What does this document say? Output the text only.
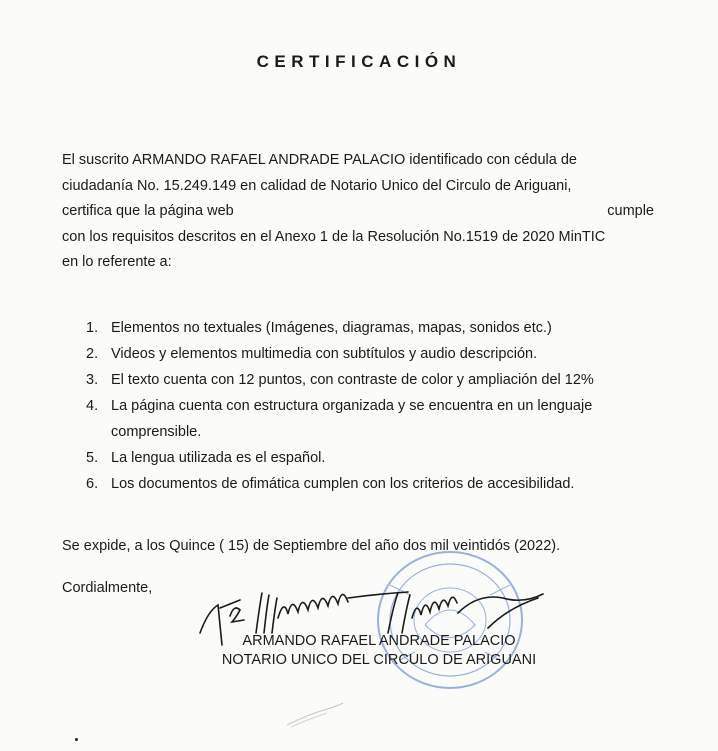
CERTIFICACIÓN
El suscrito ARMANDO RAFAEL ANDRADE PALACIO identificado con cédula de
ciudadanía No. 15.249.149 en calidad de Notario Unico del Circulo de Ariguani,
certifica que la página web	cumple
con los requisitos descritos en el Anexo 1 de la Resolución No.1519 de 2020 MinTIC
en lo referente a:
1. Elementos no textuales (Imágenes, diagramas, mapas, sonidos etc.)
2. Videos y elementos multimedia con subtítulos y audio descripción.
3. El texto cuenta con 12 puntos, con contraste de color y ampliación del 12%
4. La página cuenta con estructura organizada y se encuentra en un lenguaje comprensible.
5. La lengua utilizada es el español.
6. Los documentos de ofimática cumplen con los criterios de accesibilidad.
Se expide, a los Quince ( 15) de Septiembre del año dos mil veintidós (2022).
Cordialmente,
ARMANDO RAFAEL ANDRADE PALACIO
NOTARIO UNICO DEL CIRCULO DE ARIGUANI
